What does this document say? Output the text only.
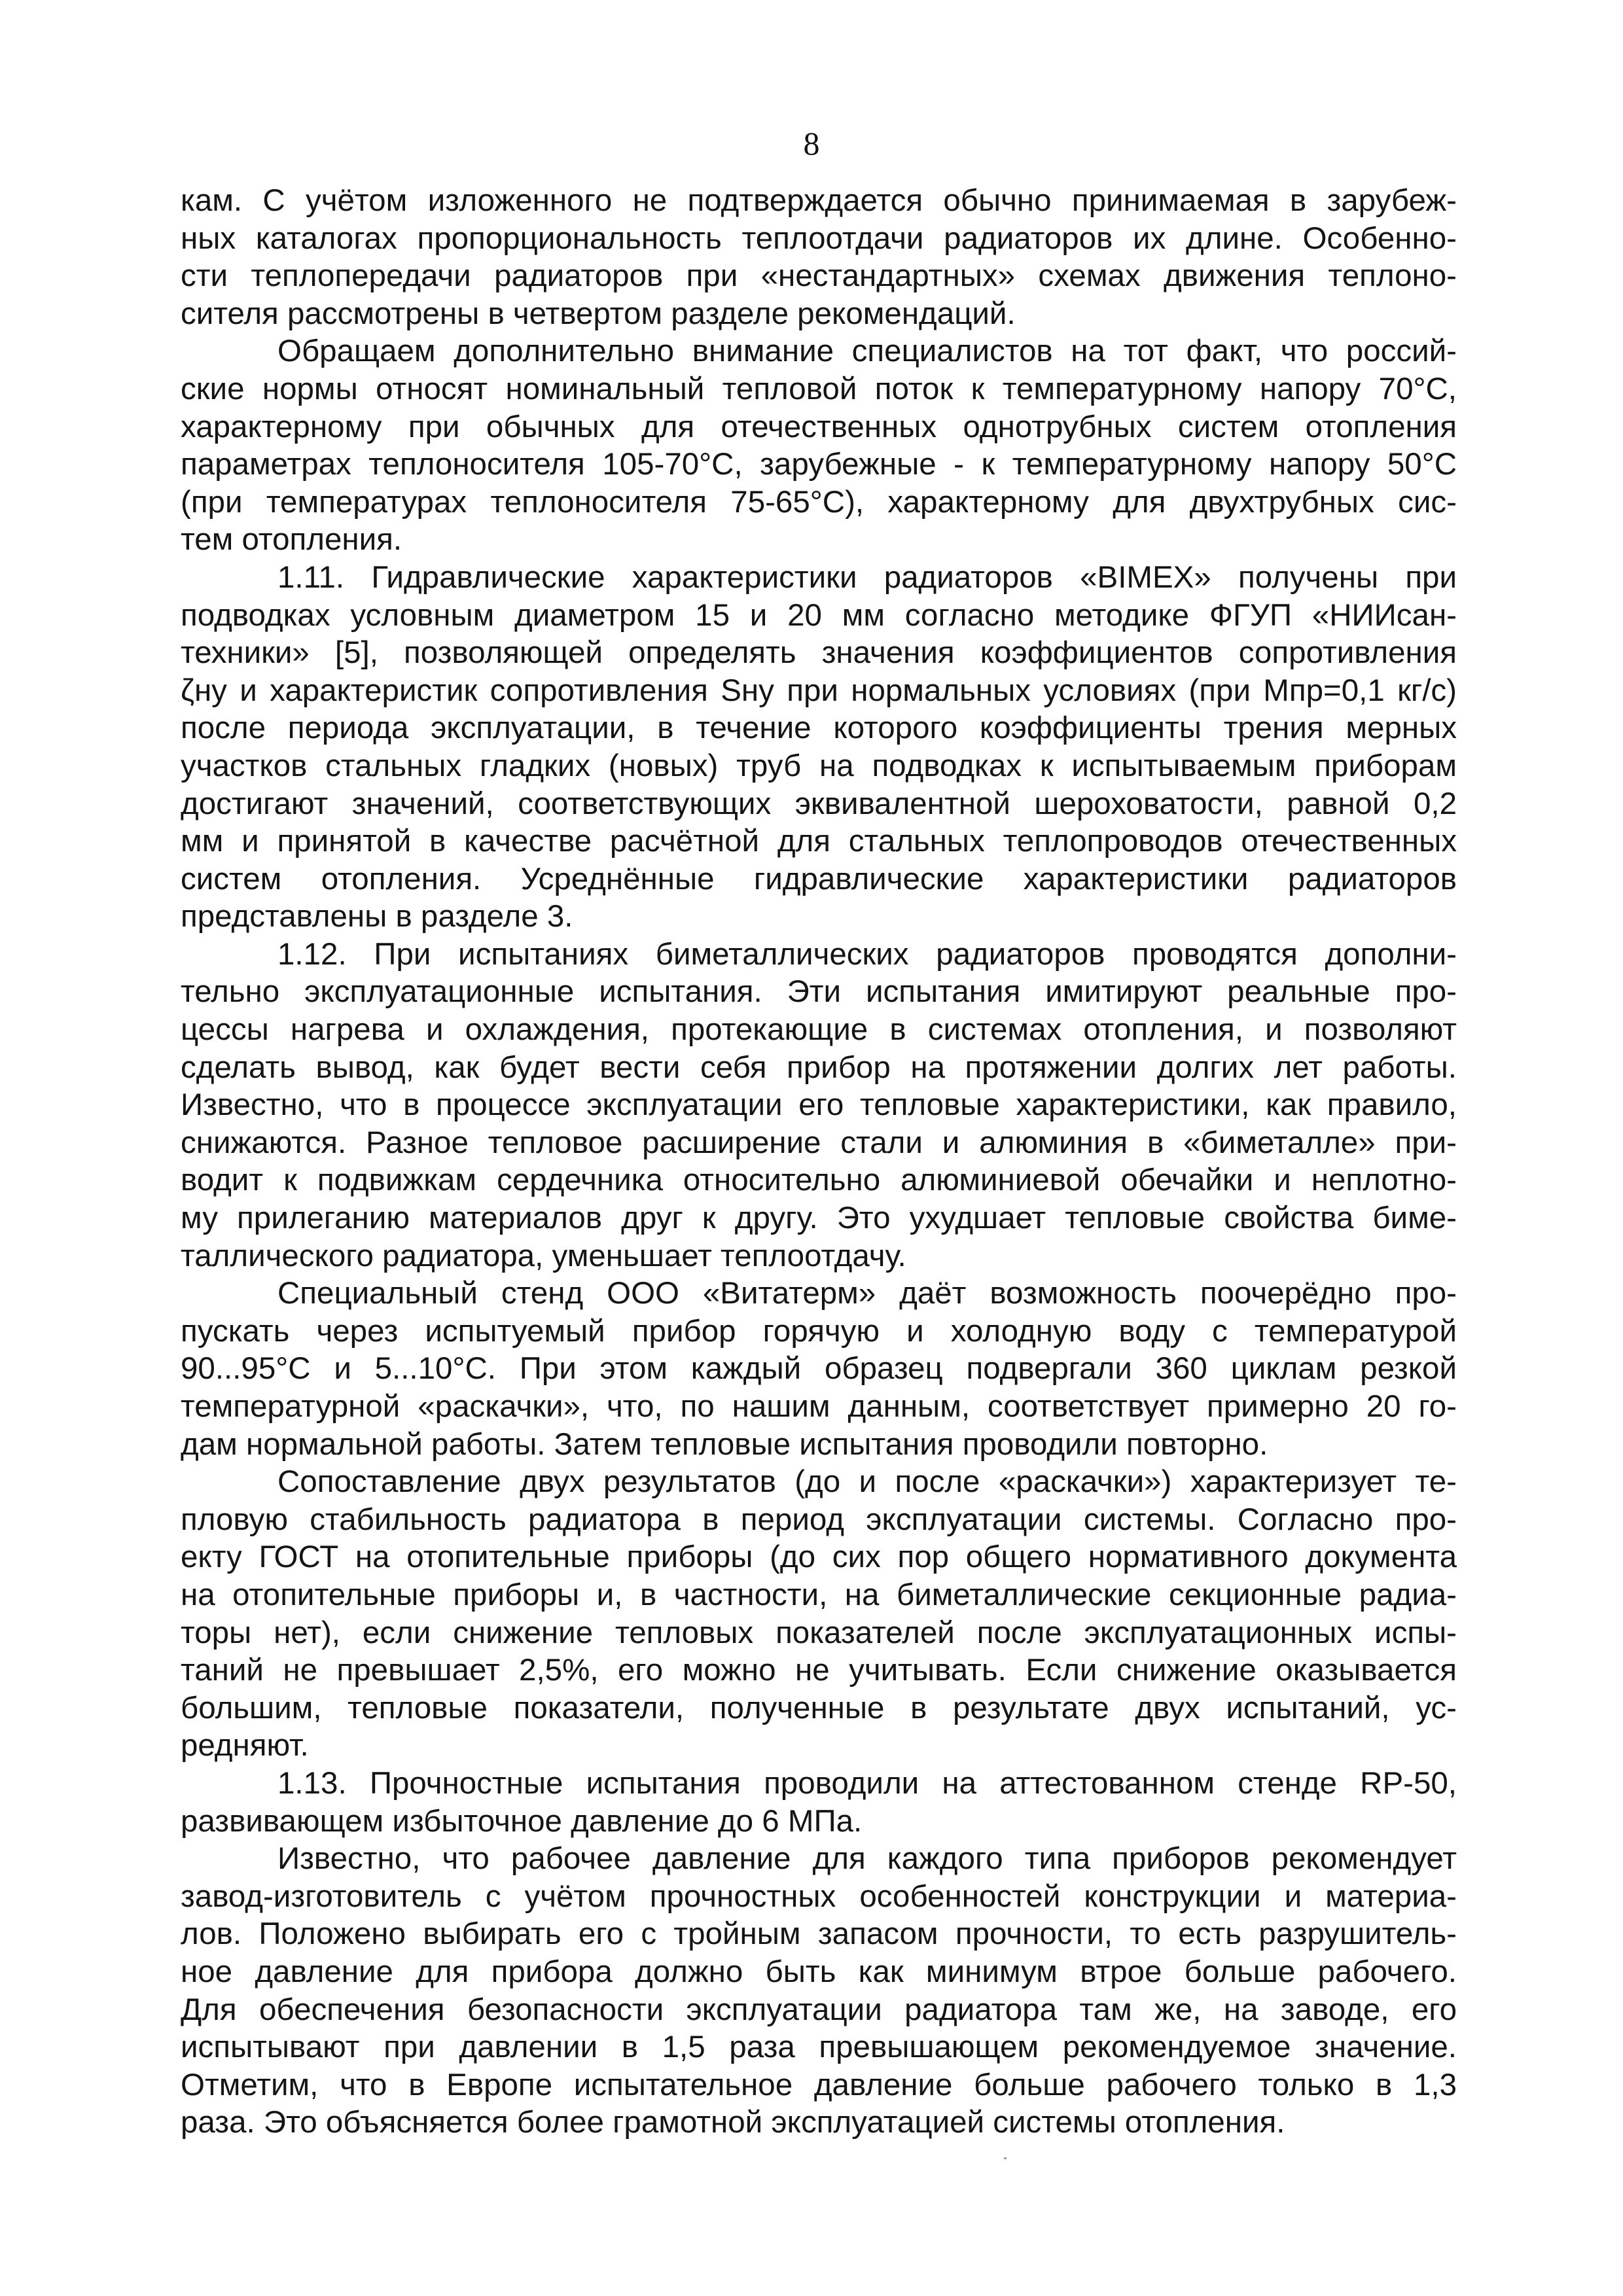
8

кам. С учётом изложенного не подтверждается обычно принимаемая в зарубеж-
ных каталогах пропорциональность теплоотдачи радиаторов их длине. Особенно-
сти теплопередачи радиаторов при «нестандартных» схемах движения теплоно-
сителя рассмотрены в четвертом разделе рекомендаций.

Обращаем дополнительно внимание специалистов на тот факт, что россий-
ские нормы относят номинальный тепловой поток к температурному напору 70°С,
характерному при обычных для отечественных однотрубных систем отопления
параметрах теплоносителя 105-70°С, зарубежные - к температурному напору 50°С
(при температурах теплоносителя 75-65°С), характерному для двухтрубных сис-
тем отопления.

1.11. Гидравлические характеристики радиаторов «BIMEX» получены при
подводках условным диаметром 15 и 20 мм согласно методике ФГУП «НИИсан-
техники» [5], позволяющей определять значения коэффициентов сопротивления
ζну и характеристик сопротивления Sну при нормальных условиях (при Мпр=0,1 кг/с)
после периода эксплуатации, в течение которого коэффициенты трения мерных
участков стальных гладких (новых) труб на подводках к испытываемым приборам
достигают значений, соответствующих эквивалентной шероховатости, равной 0,2
мм и принятой в качестве расчётной для стальных теплопроводов отечественных
систем отопления. Усреднённые гидравлические характеристики радиаторов
представлены в разделе 3.

1.12. При испытаниях биметаллических радиаторов проводятся дополни-
тельно эксплуатационные испытания. Эти испытания имитируют реальные про-
цессы нагрева и охлаждения, протекающие в системах отопления, и позволяют
сделать вывод, как будет вести себя прибор на протяжении долгих лет работы.
Известно, что в процессе эксплуатации его тепловые характеристики, как правило,
снижаются. Разное тепловое расширение стали и алюминия в «биметалле» при-
водит к подвижкам сердечника относительно алюминиевой обечайки и неплотно-
му прилеганию материалов друг к другу. Это ухудшает тепловые свойства биме-
таллического радиатора, уменьшает теплоотдачу.

Специальный стенд ООО «Витатерм» даёт возможность поочерёдно про-
пускать через испытуемый прибор горячую и холодную воду с температурой
90...95°С и 5...10°С. При этом каждый образец подвергали 360 циклам резкой
температурной «раскачки», что, по нашим данным, соответствует примерно 20 го-
дам нормальной работы. Затем тепловые испытания проводили повторно.

Сопоставление двух результатов (до и после «раскачки») характеризует те-
пловую стабильность радиатора в период эксплуатации системы. Согласно про-
екту ГОСТ на отопительные приборы (до сих пор общего нормативного документа
на отопительные приборы и, в частности, на биметаллические секционные радиа-
торы нет), если снижение тепловых показателей после эксплуатационных испы-
таний не превышает 2,5%, его можно не учитывать. Если снижение оказывается
большим, тепловые показатели, полученные в результате двух испытаний, ус-
редняют.

1.13. Прочностные испытания проводили на аттестованном стенде RP-50,
развивающем избыточное давление до 6 МПа.

Известно, что рабочее давление для каждого типа приборов рекомендует
завод-изготовитель с учётом прочностных особенностей конструкции и материа-
лов. Положено выбирать его с тройным запасом прочности, то есть разрушитель-
ное давление для прибора должно быть как минимум втрое больше рабочего.
Для обеспечения безопасности эксплуатации радиатора там же, на заводе, его
испытывают при давлении в 1,5 раза превышающем рекомендуемое значение.
Отметим, что в Европе испытательное давление больше рабочего только в 1,3
раза. Это объясняется более грамотной эксплуатацией системы отопления.
